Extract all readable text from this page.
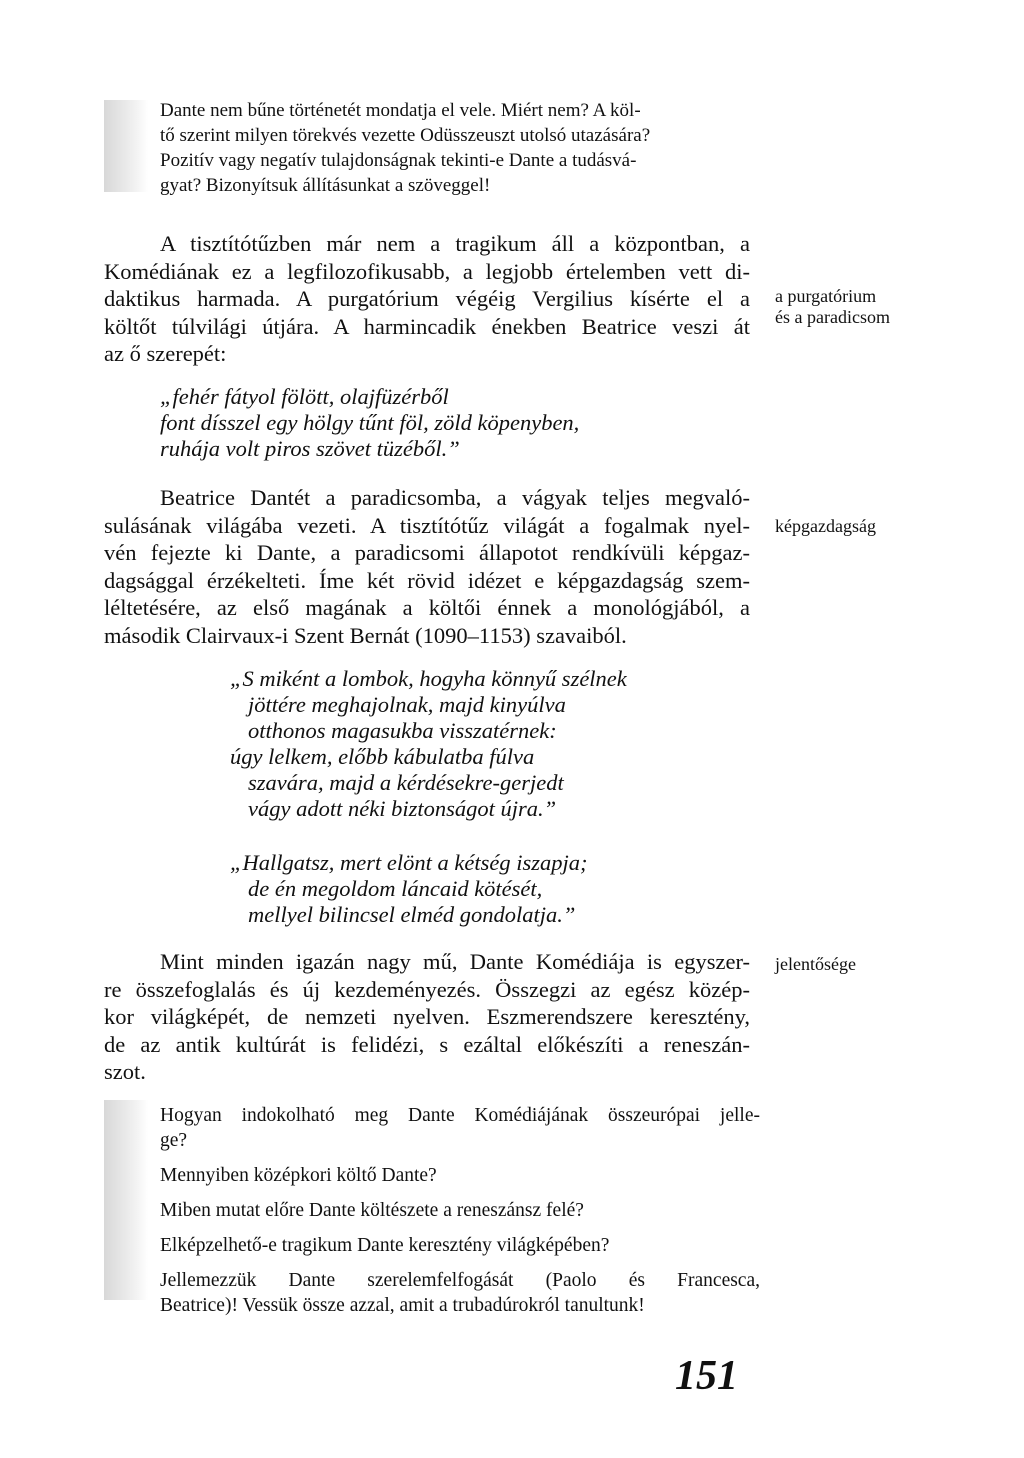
Dante nem bűne történetét mondatja el vele. Miért nem? A köl-

tő szerint milyen törekvés vezette Odüsszeuszt utolsó utazására?

Pozitív vagy negatív tulajdonságnak tekinti-e Dante a tudásvá-

gyat? Bizonyítsuk állításunkat a szöveggel!

A tisztítótűzben már nem a tragikum áll a központban, a
Komédiának ez a legfilozofikusabb, a legjobb értelemben vett di-
daktikus harmada. A purgatórium végéig Vergilius kísérte el a
költőt túlvilági útjára. A harmincadik énekben Beatrice veszi át
az ő szerepét:
a purgatórium
és a paradicsom
„fehér fátyol fölött, olajfüzérből
font dísszel egy hölgy tűnt föl, zöld köpenyben,
ruhája volt piros szövet tüzéből.”
Beatrice Dantét a paradicsomba, a vágyak teljes megvaló-
sulásának világába vezeti. A tisztítótűz világát a fogalmak nyel-
vén fejezte ki Dante, a paradicsomi állapotot rendkívüli képgaz-
dagsággal érzékelteti. Íme két rövid idézet e képgazdagság szem-
léltetésére, az első magának a költői énnek a monológjából, a
második Clairvaux-i Szent Bernát (1090–1153) szavaiból.
képgazdagság
„S miként a lombok, hogyha könnyű szélnek
jöttére meghajolnak, majd kinyúlva
otthonos magasukba visszatérnek:
úgy lelkem, előbb kábulatba fúlva
szavára, majd a kérdésekre-gerjedt
vágy adott néki biztonságot újra.”
„Hallgatsz, mert elönt a kétség iszapja;
de én megoldom láncaid kötését,
mellyel bilincsel elméd gondolatja.”
Mint minden igazán nagy mű, Dante Komédiája is egyszer-
re összefoglalás és új kezdeményezés. Összegzi az egész közép-
kor világképét, de nemzeti nyelven. Eszmerendszere keresztény,
de az antik kultúrát is felidézi, s ezáltal előkészíti a reneszán-
szot.
jelentősége

Hogyan indokolható meg Dante Komédiájának összeurópai jelle-
ge?

Mennyiben középkori költő Dante?

Miben mutat előre Dante költészete a reneszánsz felé?

Elképzelhető-e tragikum Dante keresztény világképében?

Jellemezzük Dante szerelemfelfogását (Paolo és Francesca,
Beatrice)! Vessük össze azzal, amit a trubadúrokról tanultunk!

151
